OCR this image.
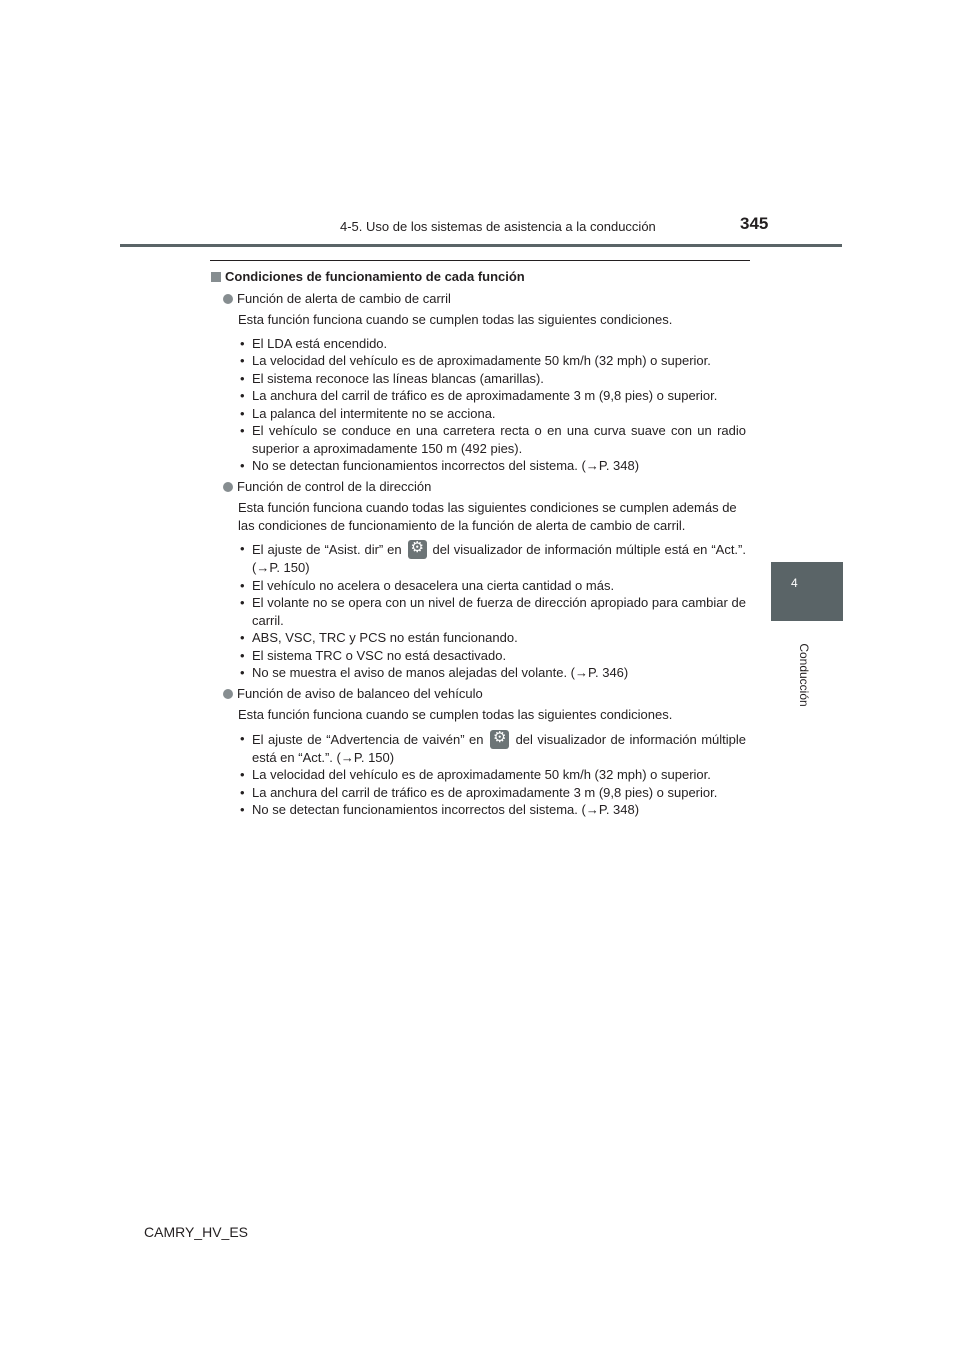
4-5. Uso de los sistemas de asistencia a la conducción	345
4
Conducción
Condiciones de funcionamiento de cada función
Función de alerta de cambio de carril
Esta función funciona cuando se cumplen todas las siguientes condiciones.
• El LDA está encendido.
• La velocidad del vehículo es de aproximadamente 50 km/h (32 mph) o superior.
• El sistema reconoce las líneas blancas (amarillas).
• La anchura del carril de tráfico es de aproximadamente 3 m (9,8 pies) o superior.
• La palanca del intermitente no se acciona.
• El vehículo se conduce en una carretera recta o en una curva suave con un radio superior a aproximadamente 150 m (492 pies).
• No se detectan funcionamientos incorrectos del sistema. (→P. 348)
Función de control de la dirección
Esta función funciona cuando todas las siguientes condiciones se cumplen además de las condiciones de funcionamiento de la función de alerta de cambio de carril.
• El ajuste de “Asist. dir” en ⚙ del visualizador de información múltiple está en “Act.”. (→P. 150)
• El vehículo no acelera o desacelera una cierta cantidad o más.
• El volante no se opera con un nivel de fuerza de dirección apropiado para cambiar de carril.
• ABS, VSC, TRC y PCS no están funcionando.
• El sistema TRC o VSC no está desactivado.
• No se muestra el aviso de manos alejadas del volante. (→P. 346)
Función de aviso de balanceo del vehículo
Esta función funciona cuando se cumplen todas las siguientes condiciones.
• El ajuste de “Advertencia de vaivén” en ⚙ del visualizador de información múltiple está en “Act.”. (→P. 150)
• La velocidad del vehículo es de aproximadamente 50 km/h (32 mph) o superior.
• La anchura del carril de tráfico es de aproximadamente 3 m (9,8 pies) o superior.
• No se detectan funcionamientos incorrectos del sistema. (→P. 348)
CAMRY_HV_ES
